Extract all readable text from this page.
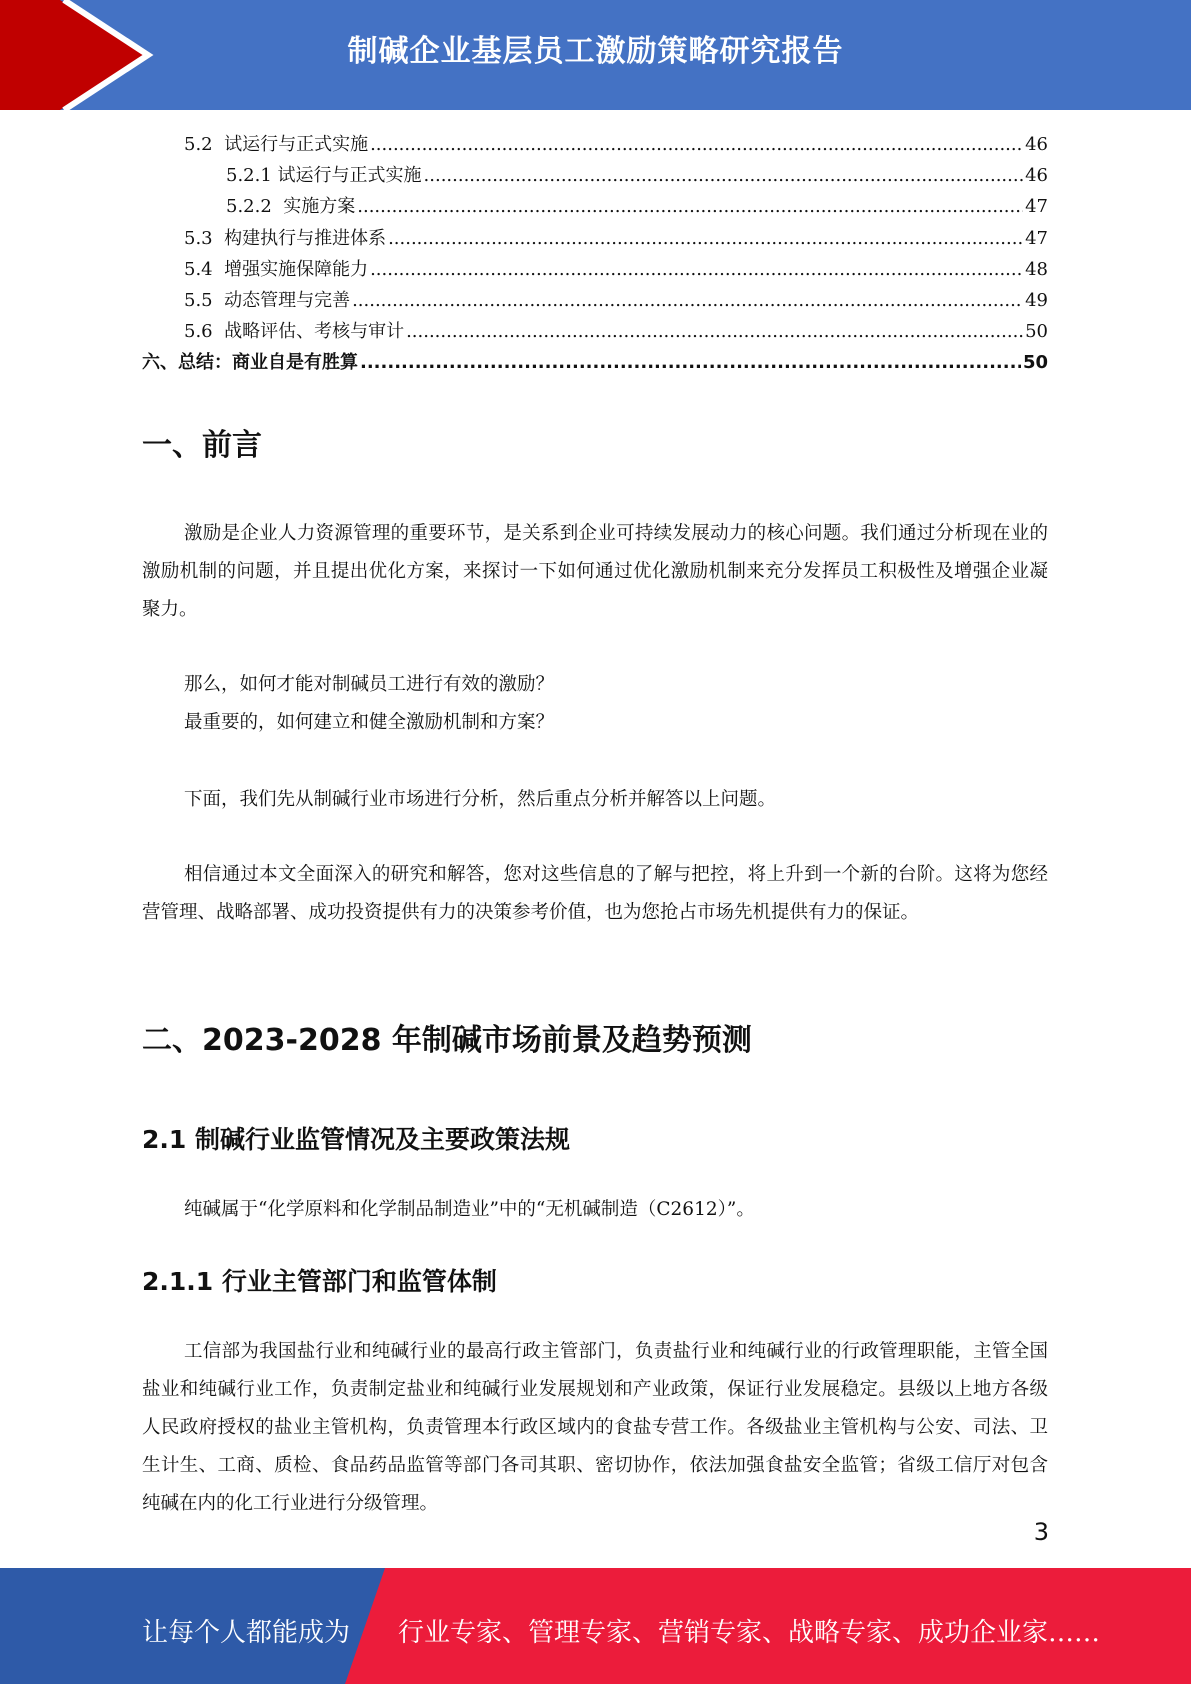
制碱企业基层员工激励策略研究报告
5.2  试运行与正式实施 .....	46
5.2.1 试运行与正式实施 .....	46
5.2.2  实施方案 .....	47
5.3  构建执行与推进体系 .....	47
5.4  增强实施保障能力 .....	48
5.5  动态管理与完善 .....	49
5.6  战略评估、考核与审计 .....	50
六、总结：商业自是有胜算 .....	50
一、前言

激励是企业人力资源管理的重要环节，是关系到企业可持续发展动力的核心问题。我们通过分析现在业的激励机制的问题，并且提出优化方案，来探讨一下如何通过优化激励机制来充分发挥员工积极性及增强企业凝聚力。

那么，如何才能对制碱员工进行有效的激励？
最重要的，如何建立和健全激励机制和方案？

下面，我们先从制碱行业市场进行分析，然后重点分析并解答以上问题。

相信通过本文全面深入的研究和解答，您对这些信息的了解与把控，将上升到一个新的台阶。这将为您经营管理、战略部署、成功投资提供有力的决策参考价值，也为您抢占市场先机提供有力的保证。

二、2023-2028 年制碱市场前景及趋势预测
2.1 制碱行业监管情况及主要政策法规

纯碱属于“化学原料和化学制品制造业”中的“无机碱制造（C2612）”。

2.1.1 行业主管部门和监管体制

工信部为我国盐行业和纯碱行业的最高行政主管部门，负责盐行业和纯碱行业的行政管理职能，主管全国盐业和纯碱行业工作，负责制定盐业和纯碱行业发展规划和产业政策，保证行业发展稳定。县级以上地方各级人民政府授权的盐业主管机构，负责管理本行政区域内的食盐专营工作。各级盐业主管机构与公安、司法、卫生计生、工商、质检、食品药品监管等部门各司其职、密切协作，依法加强食盐安全监管；省级工信厅对包含纯碱在内的化工行业进行分级管理。

3
让每个人都能成为 行业专家、管理专家、营销专家、战略专家、成功企业家……
